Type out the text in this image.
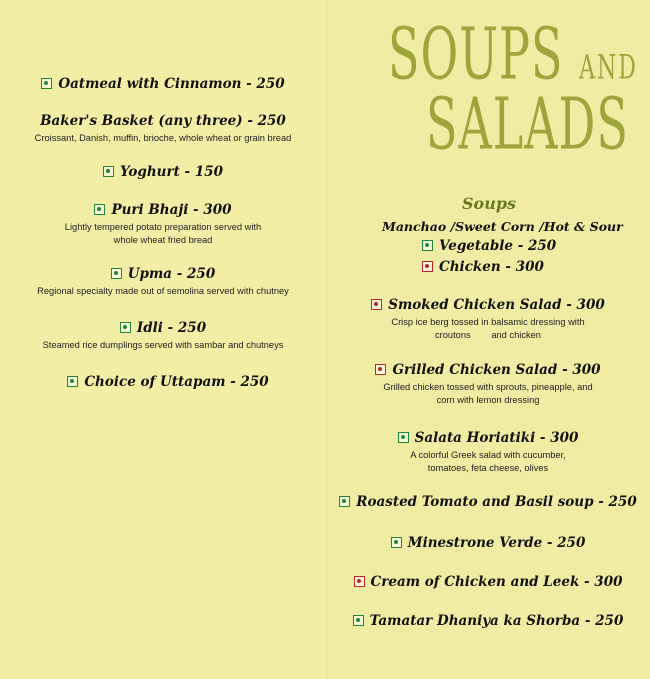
SOUPS AND
SALADS
Oatmeal with Cinnamon - 250
Baker's Basket (any three) - 250
Croissant, Danish, muffin, brioche, whole wheat or grain bread
Yoghurt - 150
Puri Bhaji - 300
Lightly tempered potato preparation served with
whole wheat fried bread
Upma - 250
Regional specialty made out of semolina served with chutney
Idli - 250
Steamed rice dumplings served with sambar and chutneys
Choice of Uttapam - 250
Soups
Manchao /Sweet Corn /Hot & Sour
Vegetable - 250
Chicken - 300
Smoked Chicken Salad - 300
Crisp ice berg tossed in balsamic dressing with
croutons        and chicken
Grilled Chicken Salad - 300
Grilled chicken tossed with sprouts, pineapple, and
corn with lemon dressing
Salata Horiatiki - 300
A colorful Greek salad with cucumber,
tomatoes, feta cheese, olives
Roasted Tomato and Basil soup - 250
Minestrone Verde - 250
Cream of Chicken and Leek - 300
Tamatar Dhaniya ka Shorba - 250
